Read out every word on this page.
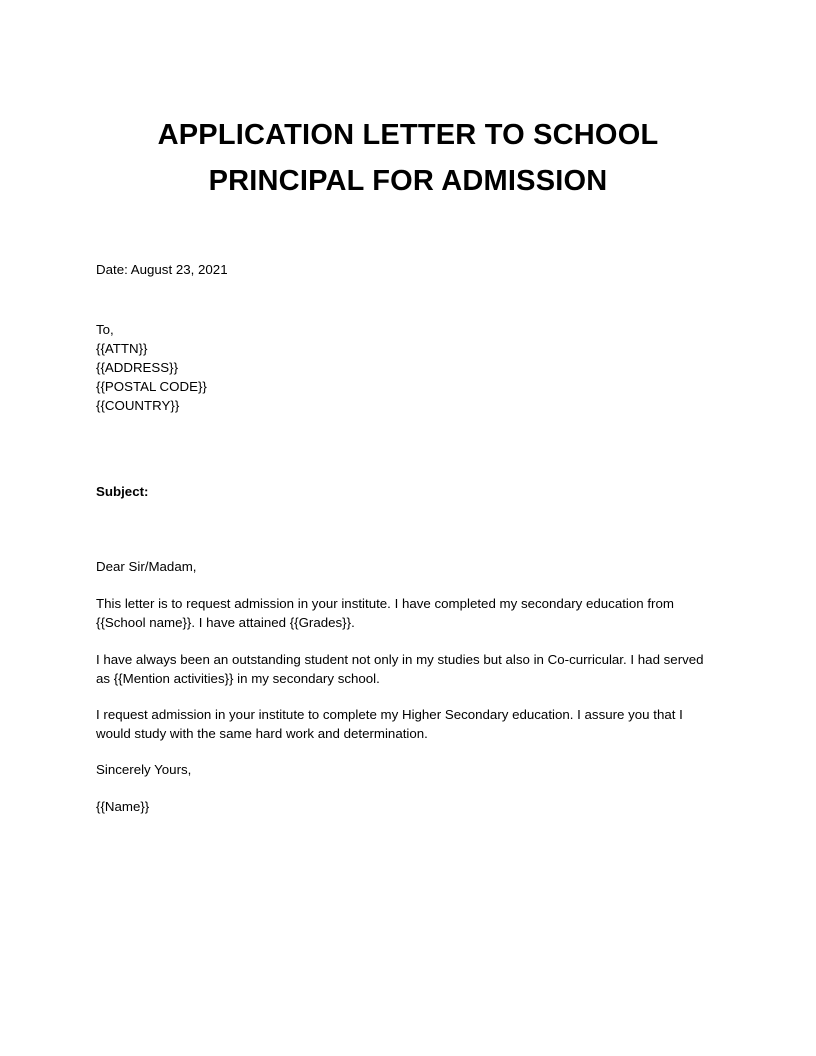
APPLICATION LETTER TO SCHOOL
PRINCIPAL FOR ADMISSION
Date: August 23, 2021
To,
{{ATTN}}
{{ADDRESS}}
{{POSTAL CODE}}
{{COUNTRY}}
Subject:
Dear Sir/Madam,
This letter is to request admission in your institute. I have completed my secondary education from
{{School name}}. I have attained {{Grades}}.
I have always been an outstanding student not only in my studies but also in Co-curricular. I had served
as {{Mention activities}} in my secondary school.
I request admission in your institute to complete my Higher Secondary education. I assure you that I
would study with the same hard work and determination.
Sincerely Yours,
{{Name}}
